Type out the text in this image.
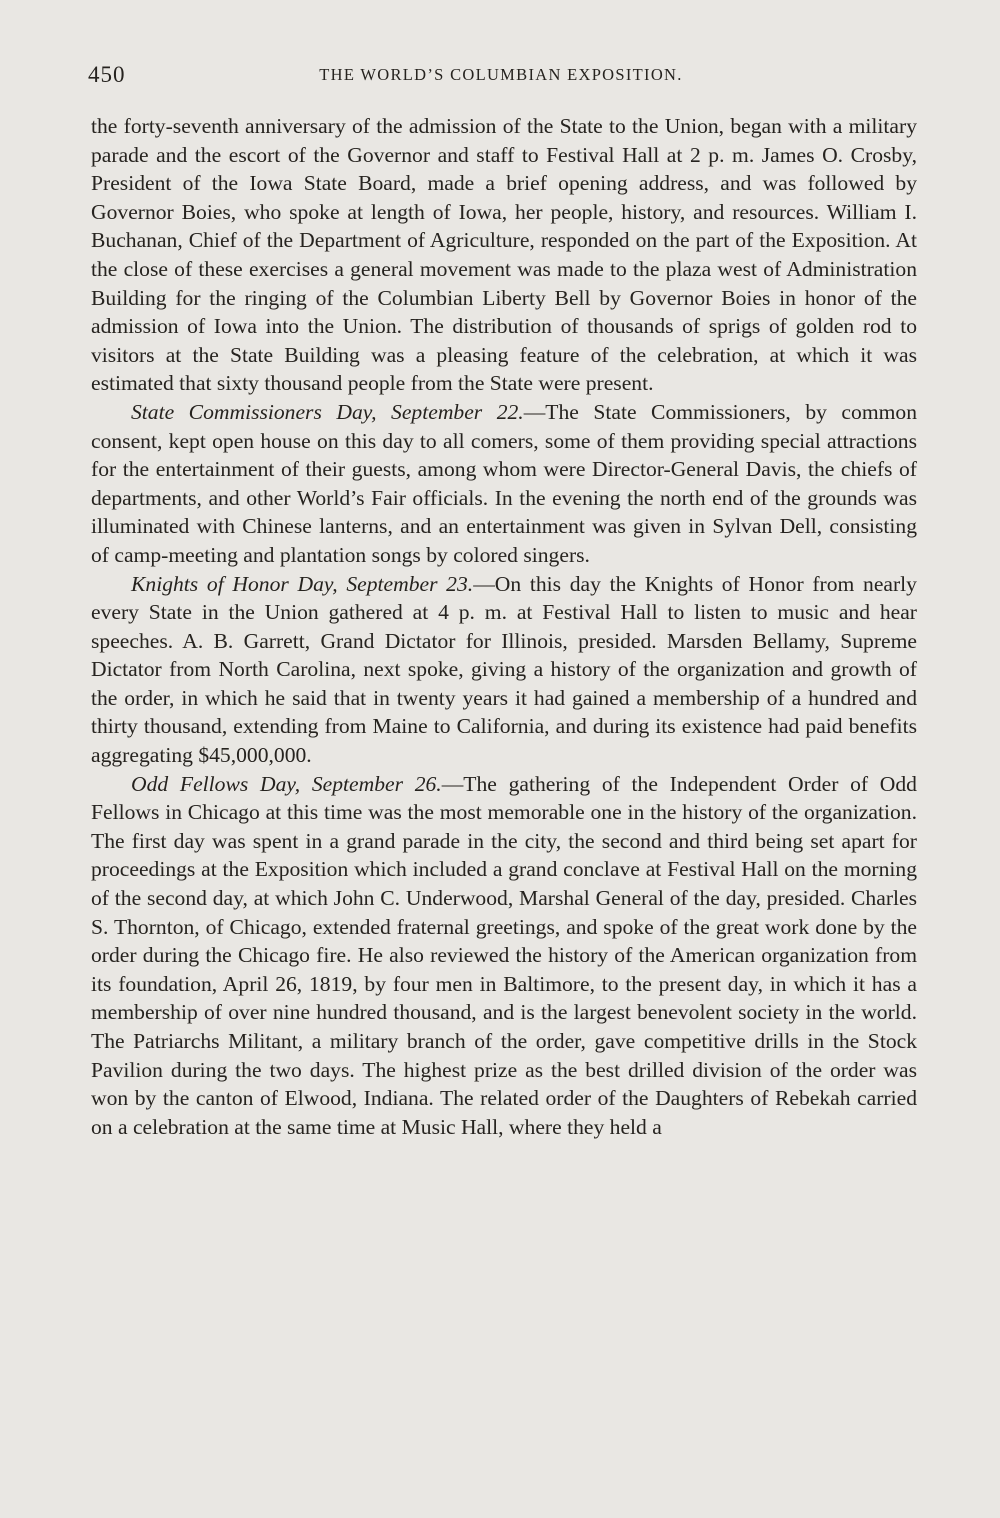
450	THE WORLD’S COLUMBIAN EXPOSITION.

the forty-seventh anniversary of the admission of the State to the Union, began with a military parade and the escort of the Governor and staff to Festival Hall at 2 p. m. James O. Crosby, President of the Iowa State Board, made a brief opening address, and was followed by Governor Boies, who spoke at length of Iowa, her people, history, and resources. William I. Buchanan, Chief of the Department of Agriculture, responded on the part of the Exposition. At the close of these exercises a general movement was made to the plaza west of Administration Building for the ringing of the Columbian Liberty Bell by Governor Boies in honor of the admission of Iowa into the Union. The distribution of thousands of sprigs of golden rod to visitors at the State Building was a pleasing feature of the celebration, at which it was estimated that sixty thousand people from the State were present.

State Commissioners Day, September 22.—The State Commissioners, by common consent, kept open house on this day to all comers, some of them providing special attractions for the entertainment of their guests, among whom were Director-General Davis, the chiefs of departments, and other World’s Fair officials. In the evening the north end of the grounds was illuminated with Chinese lanterns, and an entertainment was given in Sylvan Dell, consisting of camp-meeting and plantation songs by colored singers.

Knights of Honor Day, September 23.—On this day the Knights of Honor from nearly every State in the Union gathered at 4 p. m. at Festival Hall to listen to music and hear speeches. A. B. Garrett, Grand Dictator for Illinois, presided. Marsden Bellamy, Supreme Dictator from North Carolina, next spoke, giving a history of the organization and growth of the order, in which he said that in twenty years it had gained a membership of a hundred and thirty thousand, extending from Maine to California, and during its existence had paid benefits aggregating $45,000,000.

Odd Fellows Day, September 26.—The gathering of the Independent Order of Odd Fellows in Chicago at this time was the most memorable one in the history of the organization. The first day was spent in a grand parade in the city, the second and third being set apart for proceedings at the Exposition which included a grand conclave at Festival Hall on the morning of the second day, at which John C. Underwood, Marshal General of the day, presided. Charles S. Thornton, of Chicago, extended fraternal greetings, and spoke of the great work done by the order during the Chicago fire. He also reviewed the history of the American organization from its foundation, April 26, 1819, by four men in Baltimore, to the present day, in which it has a membership of over nine hundred thousand, and is the largest benevolent society in the world. The Patriarchs Militant, a military branch of the order, gave competitive drills in the Stock Pavilion during the two days. The highest prize as the best drilled division of the order was won by the canton of Elwood, Indiana. The related order of the Daughters of Rebekah carried on a celebration at the same time at Music Hall, where they held a
